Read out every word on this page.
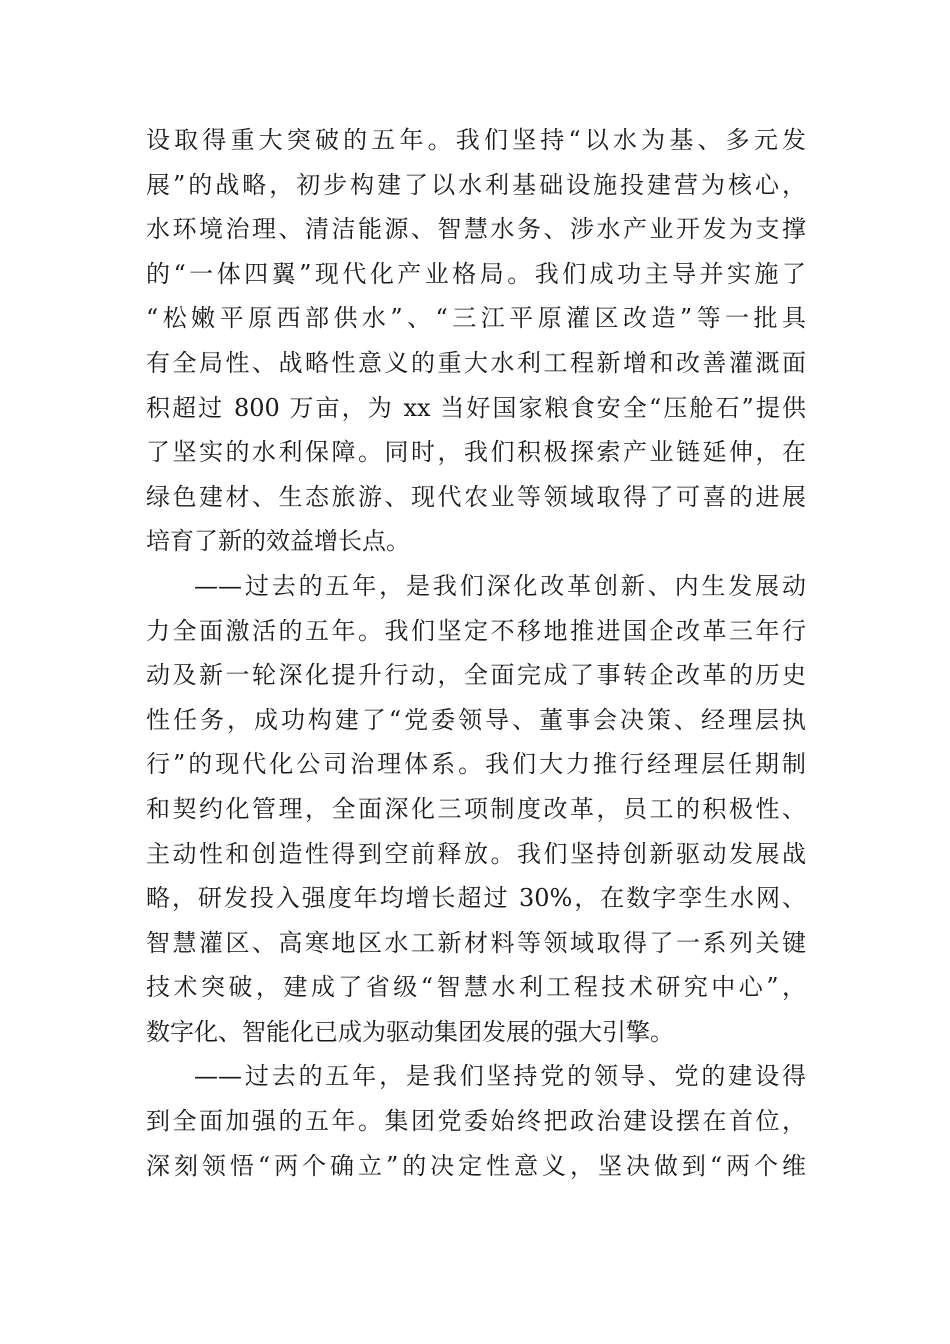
设取得重大突破的五年。我们坚持“以水为基、多元发
展”的战略，初步构建了以水利基础设施投建营为核心，
水环境治理、清洁能源、智慧水务、涉水产业开发为支撑
的“一体四翼”现代化产业格局。我们成功主导并实施了
“松嫩平原西部供水”、“三江平原灌区改造”等一批具
有全局性、战略性意义的重大水利工程新增和改善灌溉面
积超过 800 万亩，为 xx 当好国家粮食安全“压舱石”提供
了坚实的水利保障。同时，我们积极探索产业链延伸，在
绿色建材、生态旅游、现代农业等领域取得了可喜的进展
培育了新的效益增长点。
——过去的五年，是我们深化改革创新、内生发展动
力全面激活的五年。我们坚定不移地推进国企改革三年行
动及新一轮深化提升行动，全面完成了事转企改革的历史
性任务，成功构建了“党委领导、董事会决策、经理层执
行”的现代化公司治理体系。我们大力推行经理层任期制
和契约化管理，全面深化三项制度改革，员工的积极性、
主动性和创造性得到空前释放。我们坚持创新驱动发展战
略，研发投入强度年均增长超过 30%，在数字孪生水网、
智慧灌区、高寒地区水工新材料等领域取得了一系列关键
技术突破，建成了省级“智慧水利工程技术研究中心”，
数字化、智能化已成为驱动集团发展的强大引擎。
——过去的五年，是我们坚持党的领导、党的建设得
到全面加强的五年。集团党委始终把政治建设摆在首位，
深刻领悟“两个确立”的决定性意义，坚决做到“两个维
